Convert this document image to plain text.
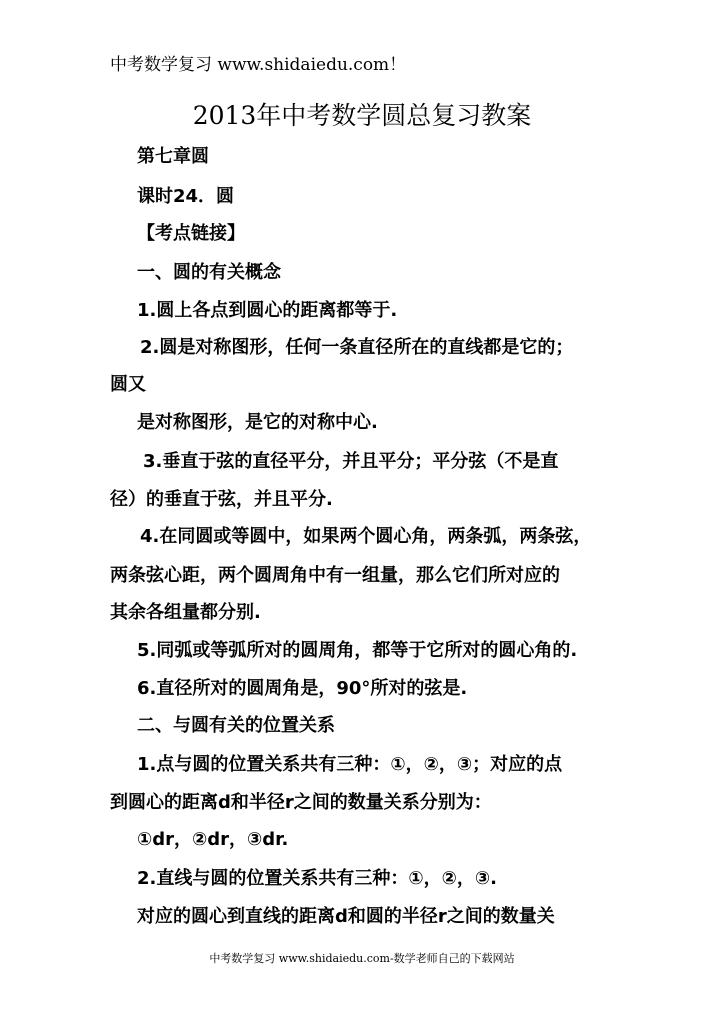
中考数学复习 www.shidaiedu.com！
2013年中考数学圆总复习教案
第七章圆
课时24．圆
【考点链接】
一、圆的有关概念
1.圆上各点到圆心的距离都等于.
2.圆是对称图形，任何一条直径所在的直线都是它的；
圆又
是对称图形，是它的对称中心.
3.垂直于弦的直径平分，并且平分；平分弦（不是直
径）的垂直于弦，并且平分.
4.在同圆或等圆中，如果两个圆心角，两条弧，两条弦，
两条弦心距，两个圆周角中有一组量，那么它们所对应的
其余各组量都分别.
5.同弧或等弧所对的圆周角，都等于它所对的圆心角的.
6.直径所对的圆周角是，90°所对的弦是.
二、与圆有关的位置关系
1.点与圆的位置关系共有三种：①，②，③；对应的点
到圆心的距离d和半径r之间的数量关系分别为：
①dr，②dr，③dr.
2.直线与圆的位置关系共有三种：①，②，③.
对应的圆心到直线的距离d和圆的半径r之间的数量关
中考数学复习 www.shidaiedu.com-数学老师自己的下载网站
